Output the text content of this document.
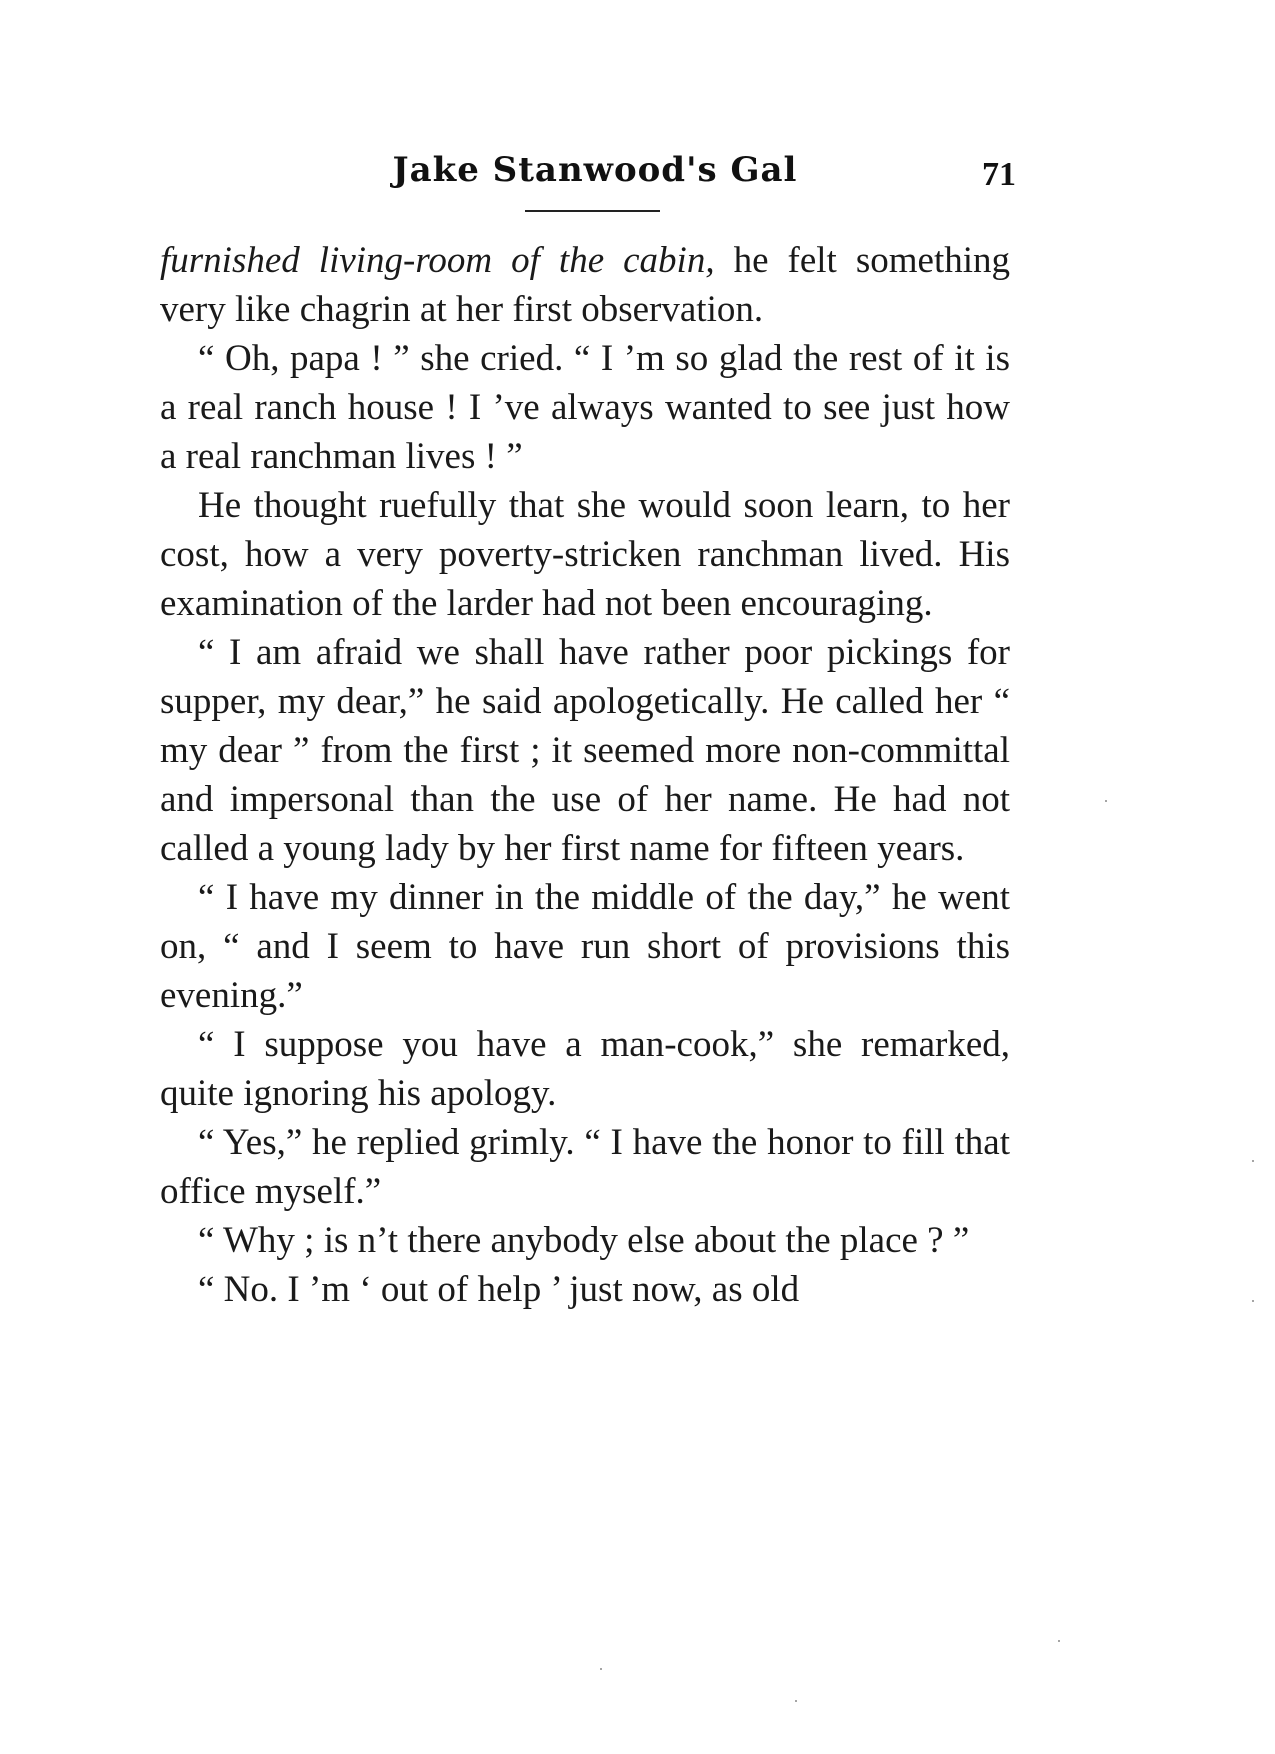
Jake Stanwood's Gal	71

furnished living-room of the cabin, he felt something very like chagrin at her first observation.

“ Oh, papa ! ” she cried. “ I ’m so glad the rest of it is a real ranch house ! I ’ve always wanted to see just how a real ranchman lives ! ”

He thought ruefully that she would soon learn, to her cost, how a very poverty-stricken ranchman lived. His examination of the larder had not been encouraging.

“ I am afraid we shall have rather poor pickings for supper, my dear,” he said apologetically. He called her “ my dear ” from the first ; it seemed more non-committal and impersonal than the use of her name. He had not called a young lady by her first name for fifteen years.

“ I have my dinner in the middle of the day,” he went on, “ and I seem to have run short of provisions this evening.”

“ I suppose you have a man-cook,” she remarked, quite ignoring his apology.

“ Yes,” he replied grimly. “ I have the honor to fill that office myself.”

“ Why ; is n’t there anybody else about the place ? ”

“ No. I ’m ‘ out of help ’ just now, as old
